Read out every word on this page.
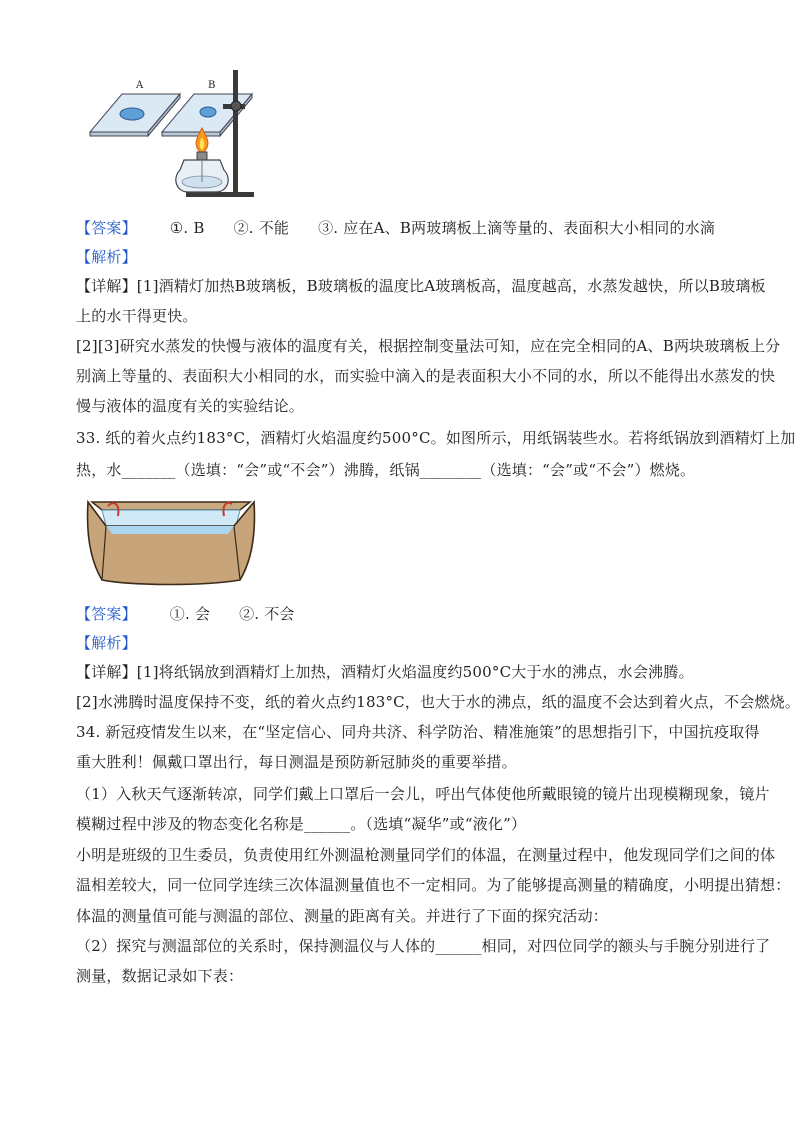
A	B
【答案】 ①. B ②. 不能 ③. 应在A、B两玻璃板上滴等量的、表面积大小相同的水滴
【解析】
【详解】[1]酒精灯加热B玻璃板，B玻璃板的温度比A玻璃板高，温度越高，水蒸发越快，所以B玻璃板
上的水干得更快。
[2][3]研究水蒸发的快慢与液体的温度有关，根据控制变量法可知，应在完全相同的A、B两块玻璃板上分
别滴上等量的、表面积大小相同的水，而实验中滴入的是表面积大小不同的水，所以不能得出水蒸发的快
慢与液体的温度有关的实验结论。
33. 纸的着火点约183°C，酒精灯火焰温度约500°C。如图所示，用纸锅装些水。若将纸锅放到酒精灯上加
热，水_______（选填：“会”或“不会”）沸腾，纸锅________（选填：“会”或“不会”）燃烧。
【答案】 ①. 会 ②. 不会
【解析】
【详解】[1]将纸锅放到酒精灯上加热，酒精灯火焰温度约500°C大于水的沸点，水会沸腾。
[2]水沸腾时温度保持不变，纸的着火点约183°C，也大于水的沸点，纸的温度不会达到着火点，不会燃烧。
34. 新冠疫情发生以来，在“坚定信心、同舟共济、科学防治、精准施策”的思想指引下，中国抗疫取得
重大胜利！佩戴口罩出行，每日测温是预防新冠肺炎的重要举措。
（1）入秋天气逐渐转凉，同学们戴上口罩后一会儿，呼出气体使他所戴眼镜的镜片出现模糊现象，镜片
模糊过程中涉及的物态变化名称是______。（选填“凝华”或“液化”）
小明是班级的卫生委员，负责使用红外测温枪测量同学们的体温，在测量过程中，他发现同学们之间的体
温相差较大，同一位同学连续三次体温测量值也不一定相同。为了能够提高测量的精确度，小明提出猜想：
体温的测量值可能与测温的部位、测量的距离有关。并进行了下面的探究活动：
（2）探究与测温部位的关系时，保持测温仪与人体的______相同，对四位同学的额头与手腕分别进行了
测量，数据记录如下表：
